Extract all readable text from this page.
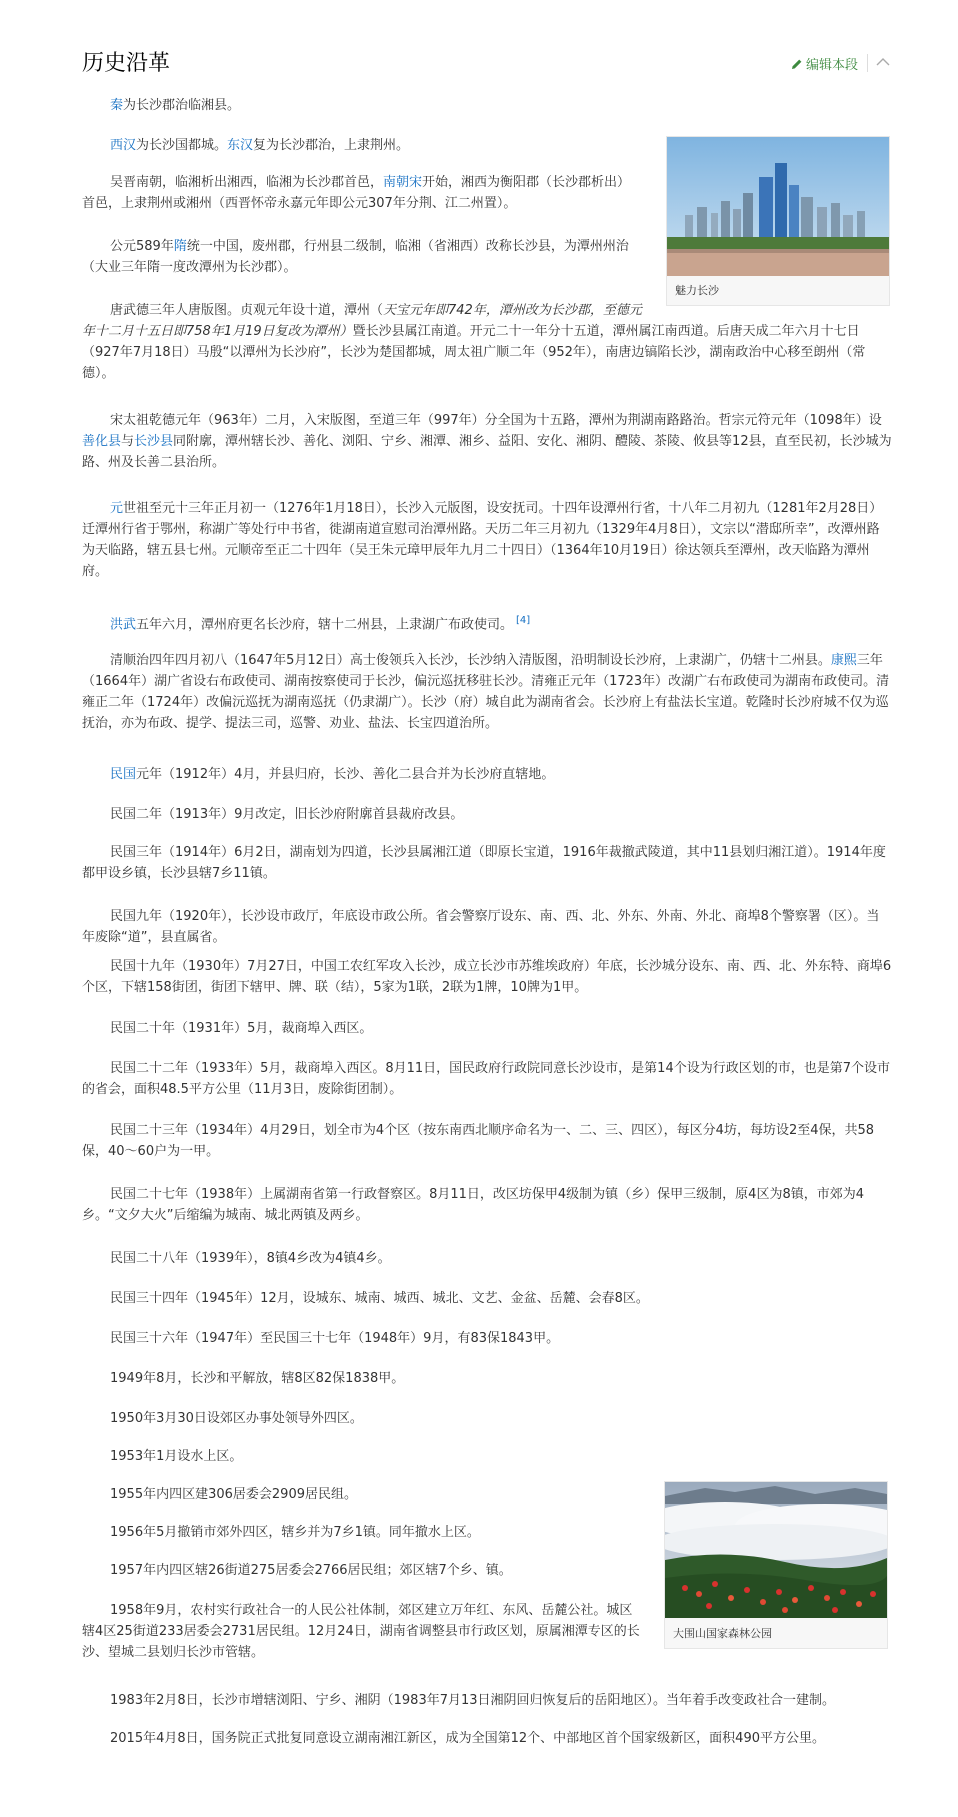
历史沿革	编辑本段

秦为长沙郡治临湘县。

西汉为长沙国都城。东汉复为长沙郡治，上隶荆州。

吴晋南朝，临湘析出湘西，临湘为长沙郡首邑，南朝宋开始，湘西为衡阳郡（长沙郡析出）首邑，上隶荆州或湘州（西晋怀帝永嘉元年即公元307年分荆、江二州置）。

公元589年隋统一中国，废州郡，行州县二级制，临湘（省湘西）改称长沙县，为潭州州治（大业三年隋一度改潭州为长沙郡）。

唐武德三年人唐版图。贞观元年设十道，潭州（天宝元年即742年，潭州改为长沙郡，至德元年十二月十五日即758年1月19日复改为潭州）暨长沙县属江南道。开元二十一年分十五道，潭州属江南西道。后唐天成二年六月十七日（927年7月18日）马殷“以潭州为长沙府”，长沙为楚国都城，周太祖广顺二年（952年），南唐边镐陷长沙，湖南政治中心移至朗州（常德）。

宋太祖乾德元年（963年）二月，入宋版图，至道三年（997年）分全国为十五路，潭州为荆湖南路路治。哲宗元符元年（1098年）设善化县与长沙县同附廓，潭州辖长沙、善化、浏阳、宁乡、湘潭、湘乡、益阳、安化、湘阴、醴陵、茶陵、攸县等12县，直至民初，长沙城为路、州及长善二县治所。

元世祖至元十三年正月初一（1276年1月18日），长沙入元版图，设安抚司。十四年设潭州行省，十八年二月初九（1281年2月28日）迁潭州行省于鄂州，称湖广等处行中书省，徙湖南道宣慰司治潭州路。天历二年三月初九（1329年4月8日），文宗以“潜邸所幸”，改潭州路为天临路，辖五县七州。元顺帝至正二十四年（吴王朱元璋甲辰年九月二十四日）（1364年10月19日）徐达领兵至潭州，改天临路为潭州府。

洪武五年六月，潭州府更名长沙府，辖十二州县，上隶湖广布政使司。 [4]

清顺治四年四月初八（1647年5月12日）高士俊领兵入长沙，长沙纳入清版图，沿明制设长沙府，上隶湖广，仍辖十二州县。康熙三年（1664年）湖广省设右布政使司、湖南按察使司于长沙，偏沅巡抚移驻长沙。清雍正元年（1723年）改湖广右布政使司为湖南布政使司。清雍正二年（1724年）改偏沅巡抚为湖南巡抚（仍隶湖广）。长沙（府）城自此为湖南省会。长沙府上有盐法长宝道。乾隆时长沙府城不仅为巡抚治，亦为布政、提学、提法三司，巡警、劝业、盐法、长宝四道治所。

民国元年（1912年）4月，并县归府，长沙、善化二县合并为长沙府直辖地。

民国二年（1913年）9月改定，旧长沙府附廓首县裁府改县。

民国三年（1914年）6月2日，湖南划为四道，长沙县属湘江道（即原长宝道，1916年裁撤武陵道，其中11县划归湘江道）。1914年度都甲设乡镇，长沙县辖7乡11镇。

民国九年（1920年），长沙设市政厅，年底设市政公所。省会警察厅设东、南、西、北、外东、外南、外北、商埠8个警察署（区）。当年废除“道”，县直属省。

民国十九年（1930年）7月27日，中国工农红军攻入长沙，成立长沙市苏维埃政府）年底，长沙城分设东、南、西、北、外东特、商埠6个区，下辖158街团，街团下辖甲、牌、联（结），5家为1联，2联为1牌，10牌为1甲。

民国二十年（1931年）5月，裁商埠入西区。

民国二十二年（1933年）5月，裁商埠入西区。8月11日，国民政府行政院同意长沙设市，是第14个设为行政区划的市，也是第7个设市的省会，面积48.5平方公里（11月3日，废除街团制）。

民国二十三年（1934年）4月29日，划全市为4个区（按东南西北顺序命名为一、二、三、四区），每区分4坊，每坊设2至4保，共58保，40～60户为一甲。

民国二十七年（1938年）上属湖南省第一行政督察区。8月11日，改区坊保甲4级制为镇（乡）保甲三级制，原4区为8镇，市郊为4乡。“文夕大火”后缩编为城南、城北两镇及两乡。

民国二十八年（1939年），8镇4乡改为4镇4乡。

民国三十四年（1945年）12月，设城东、城南、城西、城北、文艺、金盆、岳麓、会春8区。

民国三十六年（1947年）至民国三十七年（1948年）9月，有83保1843甲。

1949年8月，长沙和平解放，辖8区82保1838甲。

1950年3月30日设郊区办事处领导外四区。

1953年1月设水上区。

1955年内四区建306居委会2909居民组。

1956年5月撤销市郊外四区，辖乡并为7乡1镇。同年撤水上区。

1957年内四区辖26街道275居委会2766居民组；郊区辖7个乡、镇。

1958年9月，农村实行政社合一的人民公社体制，郊区建立万年红、东风、岳麓公社。城区辖4区25街道233居委会2731居民组。12月24日，湖南省调整县市行政区划，原属湘潭专区的长沙、望城二县划归长沙市管辖。

1983年2月8日，长沙市增辖浏阳、宁乡、湘阴（1983年7月13日湘阴回归恢复后的岳阳地区）。当年着手改变政社合一建制。

2015年4月8日，国务院正式批复同意设立湖南湘江新区，成为全国第12个、中部地区首个国家级新区，面积490平方公里。

魅力长沙
大围山国家森林公园
